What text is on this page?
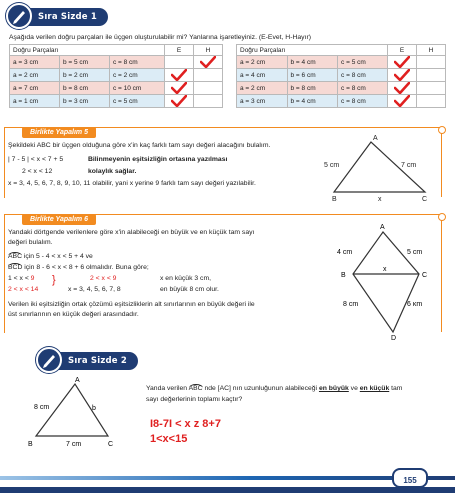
Sıra Sizde 1
Aşağıda verilen doğru parçaları ile üçgen oluşturulabilir mi? Yanlarına işaretleyiniz. (E-Evet, H-Hayır)
Doğru Parçaları			E	H
a = 3 cm	b = 5 cm	c = 8 cm		

a = 2 cm	b = 2 cm	c = 2 cm	

a = 7 cm	b = 8 cm	c = 10 cm	

a = 1 cm	b = 3 cm	c = 5 cm	

Doğru Parçaları			E	H
a = 2 cm	b = 4 cm	c = 5 cm	

a = 4 cm	b = 6 cm	c = 8 cm	

a = 2 cm	b = 8 cm	c = 8 cm	

a = 3 cm	b = 4 cm	c = 8 cm	

Birlikte Yapalım 5
Şekildeki ABC bir üçgen olduğuna göre x'in kaç farklı tam sayı değeri alacağını bulalım.
| 7 - 5 | < x < 7 + 5	Bilinmeyenin eşitsizliğin ortasına yazılması
2 < x < 12	kolaylık sağlar.
x = 3, 4, 5, 6, 7, 8, 9, 10, 11 olabilir, yani x yerine 9 farklı tam sayı değeri yazılabilir.
A
B	C
5 cm	7 cm
x
Birlikte Yapalım 6
Yandaki dörtgende verilenlere göre x'in alabileceği en büyük ve en küçük tam sayı
değeri bulalım.
ABC için 5 - 4 < x < 5 + 4 ve
BCD için 8 - 6 < x < 8 + 6 olmalıdır. Buna göre;
1 < x < 9 }	2 < x < 9	x en küçük 3 cm,
2 < x < 14	x = 3, 4, 5, 6, 7, 8	en büyük 8 cm olur.
Verilen iki eşitsizliğin ortak çözümü eşitsizliklerin alt sınırlarının en büyük değeri ile
üst sınırlarının en küçük değeri arasındadır.
A
B	C
D
4 cm	5 cm
x
8 cm	6 κm
Sıra Sizde 2
A
B	C
8 cm	b
7 cm
Yanda verilen ABC nde [AC] nın uzunluğunun alabileceği en büyük ve en küçük tam
sayı değerlerinin toplamı kaçtır?
I8-7I < x z 8+7
1<x<15
155
